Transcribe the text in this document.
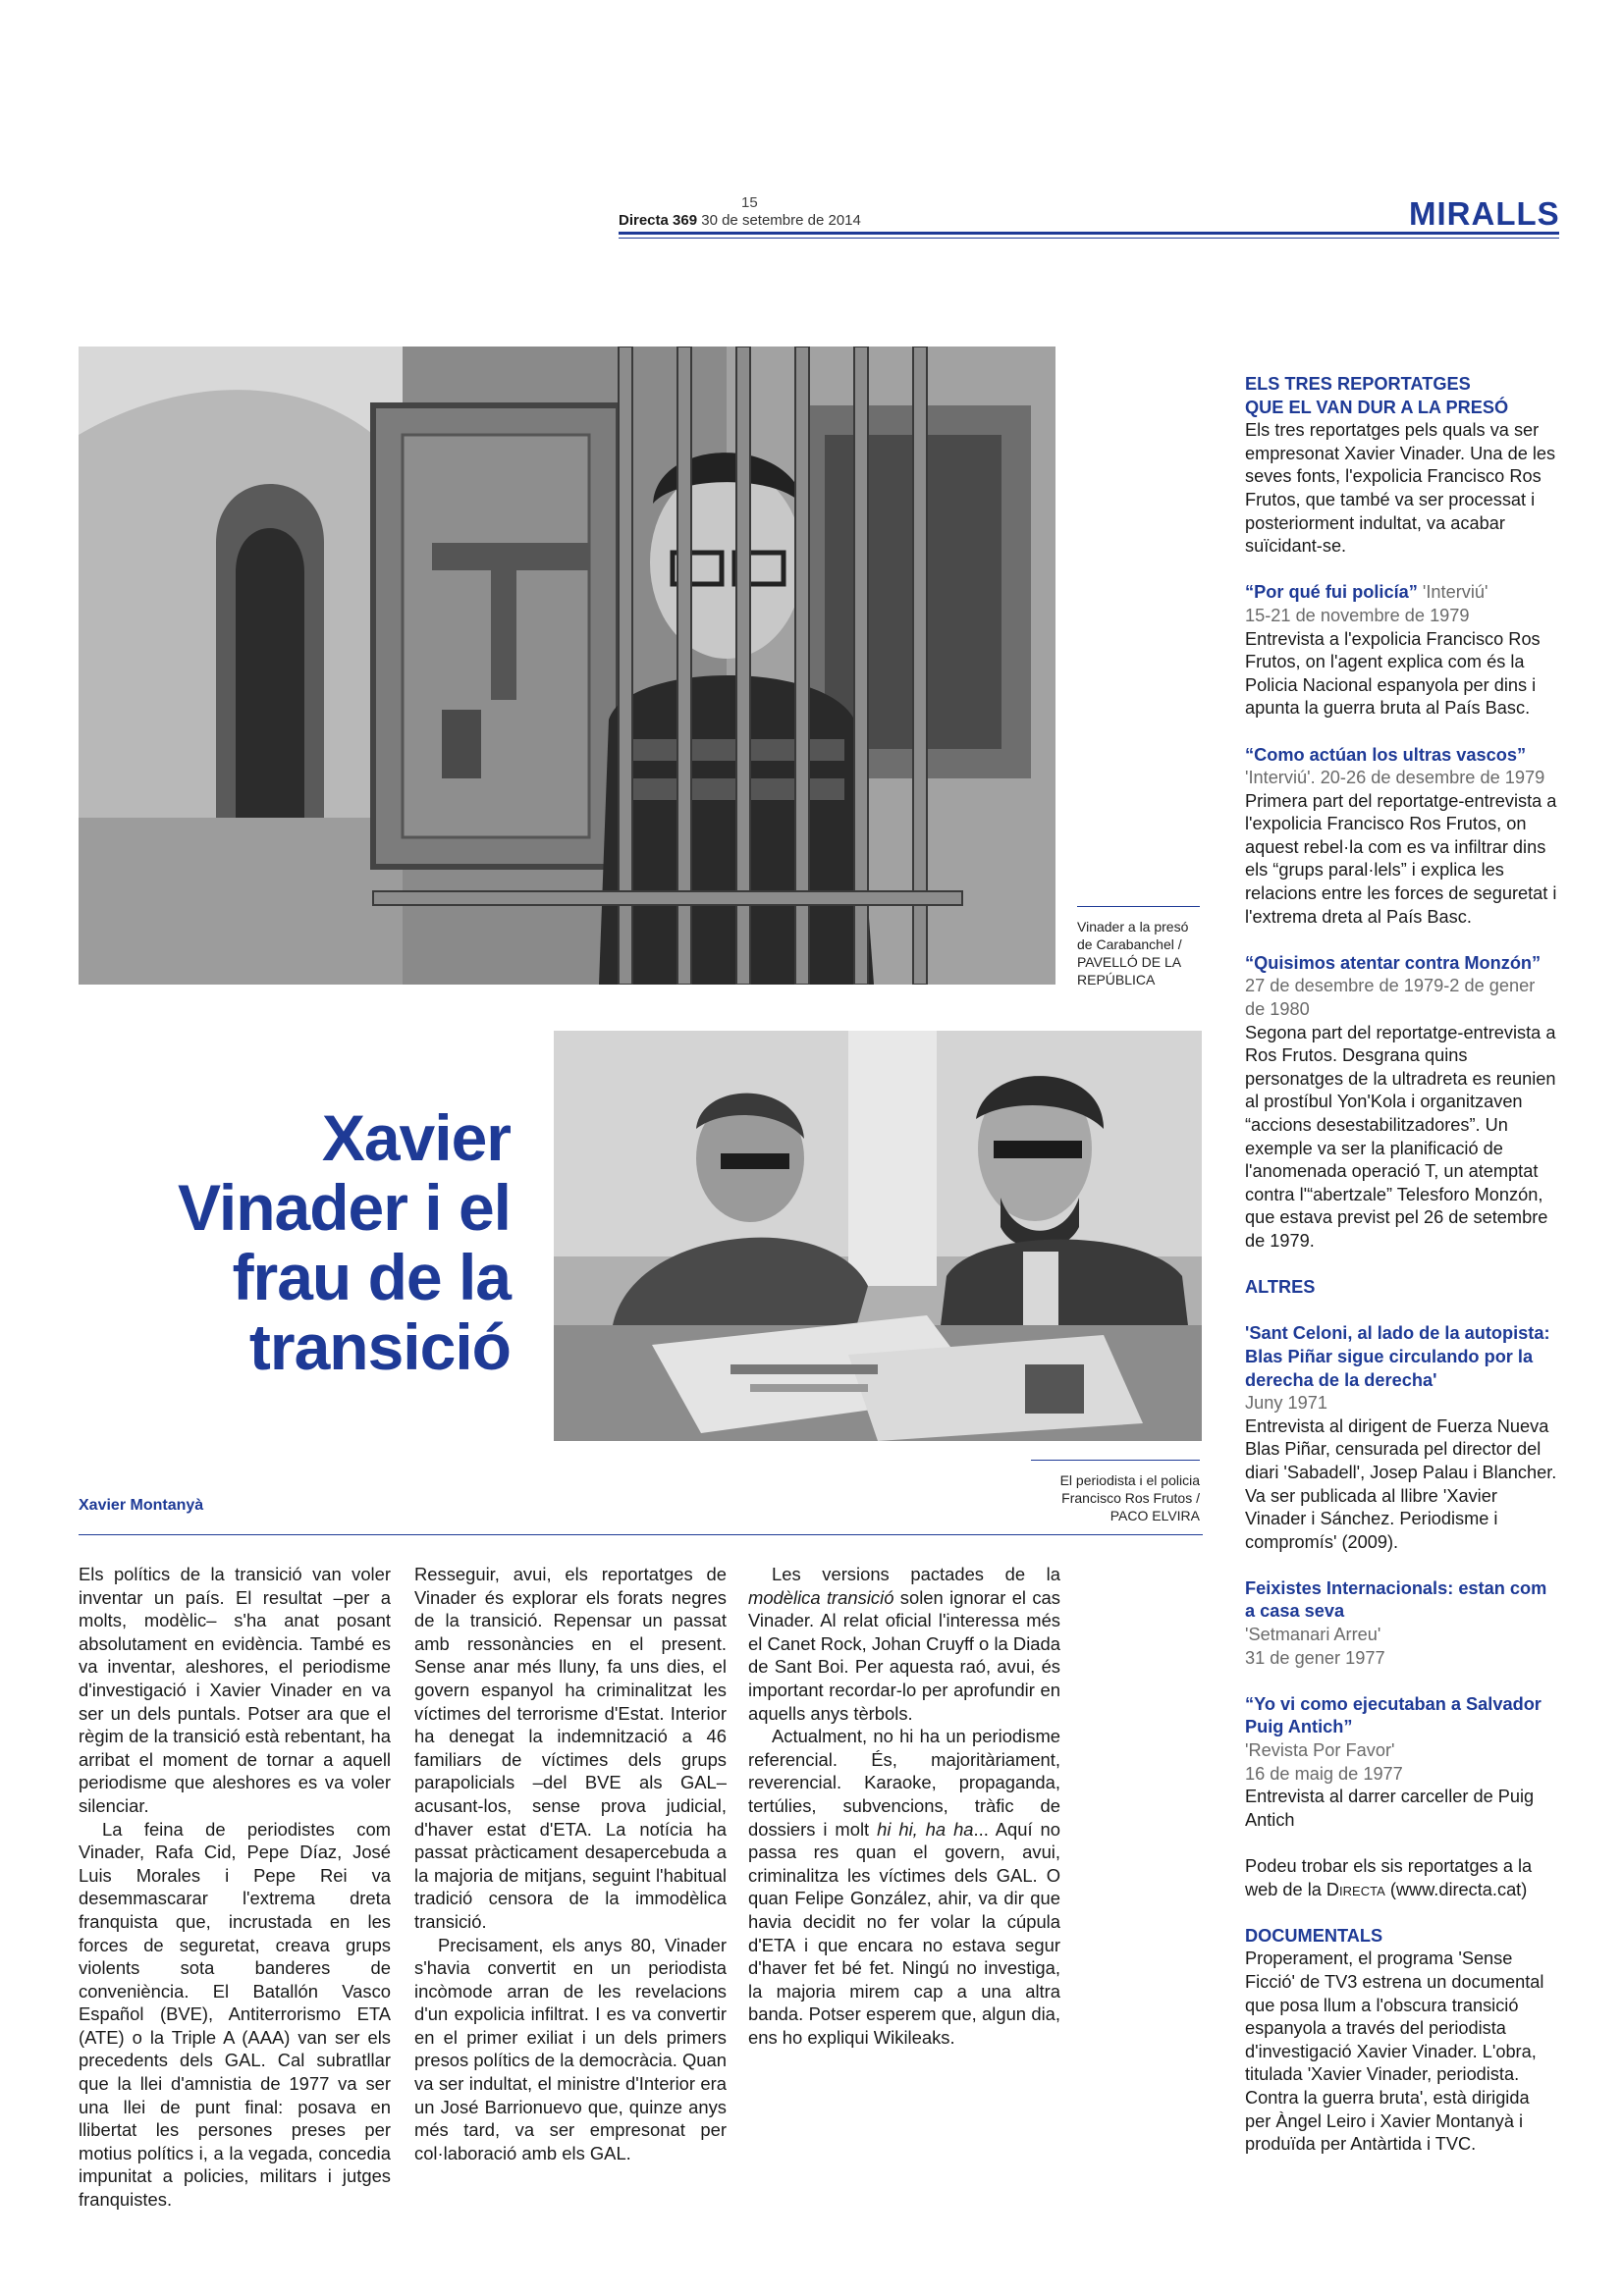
15
Directa 369 30 de setembre de 2014	MIRALLS
Vinader a la presó de Carabanchel / PAVELLÓ DE LA REPÚBLICA
El periodista i el policia Francisco Ros Frutos / PACO ELVIRA
Xavier
Vinader i el
frau de la
transició
Xavier Montanyà

Els polítics de la transició van voler inventar un país. El resultat –per a molts, modèlic– s'ha anat posant absolutament en evidència. També es va inventar, aleshores, el periodisme d'investigació i Xavier Vinader en va ser un dels puntals. Potser ara que el règim de la transició està rebentant, ha arribat el moment de tornar a aquell periodisme que aleshores es va voler silenciar.

La feina de periodistes com Vinader, Rafa Cid, Pepe Díaz, José Luis Morales i Pepe Rei va desemmascarar l'extrema dreta franquista que, incrustada en les forces de seguretat, creava grups violents sota banderes de conveniència. El Batallón Vasco Español (BVE), Antiterrorismo ETA (ATE) o la Triple A (AAA) van ser els precedents dels GAL. Cal subratllar que la llei d'amnistia de 1977 va ser una llei de punt final: posava en llibertat les persones preses per motius polítics i, a la vegada, concedia impunitat a policies, militars i jutges franquistes.

Resseguir, avui, els reportatges de Vinader és explorar els forats negres de la transició. Repensar un passat amb ressonàncies en el present. Sense anar més lluny, fa uns dies, el govern espanyol ha criminalitzat les víctimes del terrorisme d'Estat. Interior ha denegat la indemnització a 46 familiars de víctimes dels grups parapolicials –del BVE als GAL– acusant-los, sense prova judicial, d'haver estat d'ETA. La notícia ha passat pràcticament desapercebuda a la majoria de mitjans, seguint l'habitual tradició censora de la immodèlica transició.

Precisament, els anys 80, Vinader s'havia convertit en un periodista incòmode arran de les revelacions d'un expolicia infiltrat. I es va convertir en el primer exiliat i un dels primers presos polítics de la democràcia. Quan va ser indultat, el ministre d'Interior era un José Barrionuevo que, quinze anys més tard, va ser empresonat per col·laboració amb els GAL.

Les versions pactades de la modèlica transició solen ignorar el cas Vinader. Al relat oficial l'interessa més el Canet Rock, Johan Cruyff o la Diada de Sant Boi. Per aquesta raó, avui, és important recordar-lo per aprofundir en aquells anys tèrbols.

Actualment, no hi ha un periodisme referencial. És, majoritàriament, reverencial. Karaoke, propaganda, tertúlies, subvencions, tràfic de dossiers i molt hi hi, ha ha... Aquí no passa res quan el govern, avui, criminalitza les víctimes dels GAL. O quan Felipe González, ahir, va dir que havia decidit no fer volar la cúpula d'ETA i que encara no estava segur d'haver fet bé fet. Ningú no investiga, la majoria mirem cap a una altra banda. Potser esperem que, algun dia, ens ho expliqui Wikileaks.

ELS TRES REPORTATGES
QUE EL VAN DUR A LA PRESÓ
Els tres reportatges pels quals va ser empresonat Xavier Vinader. Una de les seves fonts, l'expolicia Francisco Ros Frutos, que també va ser processat i posteriorment indultat, va acabar suïcidant-se.
“Por qué fui policía” 'Interviú'
15-21 de novembre de 1979
Entrevista a l'expolicia Francisco Ros Frutos, on l'agent explica com és la Policia Nacional espanyola per dins i apunta la guerra bruta al País Basc.
“Como actúan los ultras vascos”
'Interviú'. 20-26 de desembre de 1979
Primera part del reportatge-entrevista a l'expolicia Francisco Ros Frutos, on aquest rebel·la com es va infiltrar dins els “grups paral·lels” i explica les relacions entre les forces de seguretat i l'extrema dreta al País Basc.
“Quisimos atentar contra Monzón”
27 de desembre de 1979-2 de gener de 1980
Segona part del reportatge-entrevista a Ros Frutos. Desgrana quins personatges de la ultradreta es reunien al prostíbul Yon'Kola i organitzaven “accions desestabilitzadores”. Un exemple va ser la planificació de l'anomenada operació T, un atemptat contra l'“abertzale” Telesforo Monzón, que estava previst pel 26 de setembre de 1979.
ALTRES
'Sant Celoni, al lado de la autopista: Blas Piñar sigue circulando por la derecha de la derecha'
Juny 1971
Entrevista al dirigent de Fuerza Nueva Blas Piñar, censurada pel director del diari 'Sabadell', Josep Palau i Blancher. Va ser publicada al llibre 'Xavier Vinader i Sánchez. Periodisme i compromís' (2009).
Feixistes Internacionals: estan com a casa seva
'Setmanari Arreu'
31 de gener 1977
“Yo vi como ejecutaban a Salvador Puig Antich”
'Revista Por Favor'
16 de maig de 1977
Entrevista al darrer carceller de Puig Antich
Podeu trobar els sis reportatges a la web de la Directa (www.directa.cat)
DOCUMENTALS
Properament, el programa 'Sense Ficció' de TV3 estrena un documental que posa llum a l'obscura transició espanyola a través del periodista d'investigació Xavier Vinader. L'obra, titulada 'Xavier Vinader, periodista. Contra la guerra bruta', està dirigida per Àngel Leiro i Xavier Montanyà i produïda per Antàrtida i TVC.
